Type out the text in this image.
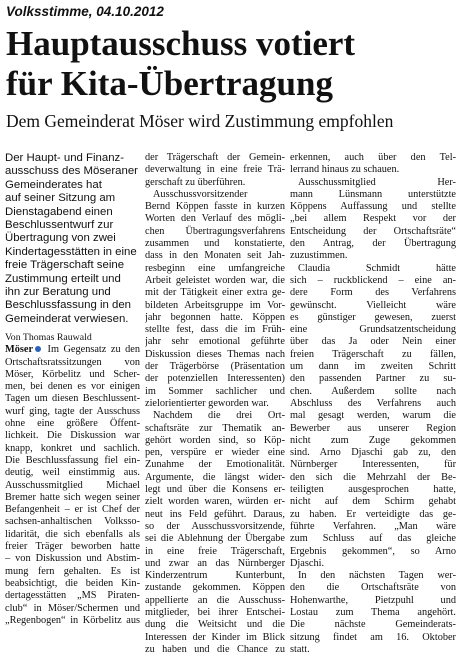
Volksstimme, 04.10.2012
Hauptausschuss votiert
für Kita-Übertragung
Dem Gemeinderat Möser wird Zustimmung empfohlen
Der Haupt- und Finanz-
ausschuss des Möseraner
Gemeinderates hat
auf seiner Sitzung am
Dienstagabend einen
Beschlussentwurf zur
Übertragung von zwei
Kindertagesstätten in eine
freie Trägerschaft seine
Zustimmung erteilt und
ihn zur Beratung und
Beschlussfassung in den
Gemeinderat verwiesen.
Von Thomas Rauwald
Möser Im Gegensatz zu den
Ortschaftsratssitzungen von
Möser, Körbelitz und Scher-
men, bei denen es vor einigen
Tagen um diesen Beschlussent-
wurf ging, tagte der Ausschuss
ohne eine größere Öffent-
lichkeit. Die Diskussion war
knapp, konkret und sachlich.
Die Beschlussfassung fiel ein-
deutig, weil einstimmig aus.
Ausschussmitglied Michael
Bremer hatte sich wegen seiner
Befangenheit – er ist Chef der
sachsen-anhaltischen Volksso-
lidarität, die sich ebenfalls als
freier Träger beworben hatte
– von Diskussion und Abstim-
mung fern gehalten. Es ist
beabsichtigt, die beiden Kin-
dertagesstätten „MS Piraten-
club“ in Möser/Schermen und
„Regenbogen“ in Körbelitz aus
der Trägerschaft der Gemein-
deverwaltung in eine freie Trä-
gerschaft zu überführen.
Ausschussvorsitzender
Bernd Köppen fasste in kurzen
Worten den Verlauf des mögli-
chen Übertragungsverfahrens
zusammen und konstatierte,
dass in den Monaten seit Jah-
resbeginn eine umfangreiche
Arbeit geleistet worden war, die
mit der Tätigkeit einer extra ge-
bildeten Arbeitsgruppe im Vor-
jahr begonnen hatte. Köppen
stellte fest, dass die im Früh-
jahr sehr emotional geführte
Diskussion dieses Themas nach
der Trägerbörse (Präsentation
der potenziellen Interessenten)
im Sommer sachlicher und
zielorientierter geworden war.
Nachdem die drei Ort-
schaftsräte zur Thematik an-
gehört worden sind, so Köp-
pen, verspüre er wieder eine
Zunahme der Emotionalität.
Argumente, die längst wider-
legt und über die Konsens er-
zielt worden waren, würden er-
neut ins Feld geführt. Daraus,
so der Ausschussvorsitzende,
sei die Ablehnung der Übergabe
in eine freie Trägerschaft,
und zwar an das Nürnberger
Kinderzentrum Kunterbunt,
zustande gekommen. Köppen
appellierte an die Ausschuss-
mitglieder, bei ihrer Entschei-
dung die Weitsicht und die
Interessen der Kinder im Blick
zu haben und die Chance zu
erkennen, auch über den Tel-
lerrand hinaus zu schauen.
Ausschussmitglied Her-
mann Lünsmann unterstützte
Köppens Auffassung und stellte
„bei allem Respekt vor der
Entscheidung der Ortschaftsräte“
den Antrag, der Übertragung
zuzustimmen.
Claudia Schmidt hätte
sich – ruckblickend – eine an-
dere Form des Verfahrens
gewünscht. Vielleicht wäre
es günstiger gewesen, zuerst
eine Grundsatzentscheidung
über das Ja oder Nein einer
freien Trägerschaft zu fällen,
um dann im zweiten Schritt
den passenden Partner zu su-
chen. Außerdem sollte nach
Abschluss des Verfahrens auch
mal gesagt werden, warum die
Bewerber aus unserer Region
nicht zum Zuge gekommen
sind. Arno Djaschi gab zu, den
Nürnberger Interessenten, für
den sich die Mehrzahl der Be-
teiligten ausgesprochen hatte,
nicht auf dem Schirm gehabt
zu haben. Er verteidigte das ge-
führte Verfahren. „Man wäre
zum Schluss auf das gleiche
Ergebnis gekommen“, so Arno
Djaschi.
In den nächsten Tagen wer-
den die Ortschaftsräte von
Hohenwarthe, Pietzpuhl und
Lostau zum Thema angehört.
Die nächste Gemeinderats-
sitzung findet am 16. Oktober
statt.
